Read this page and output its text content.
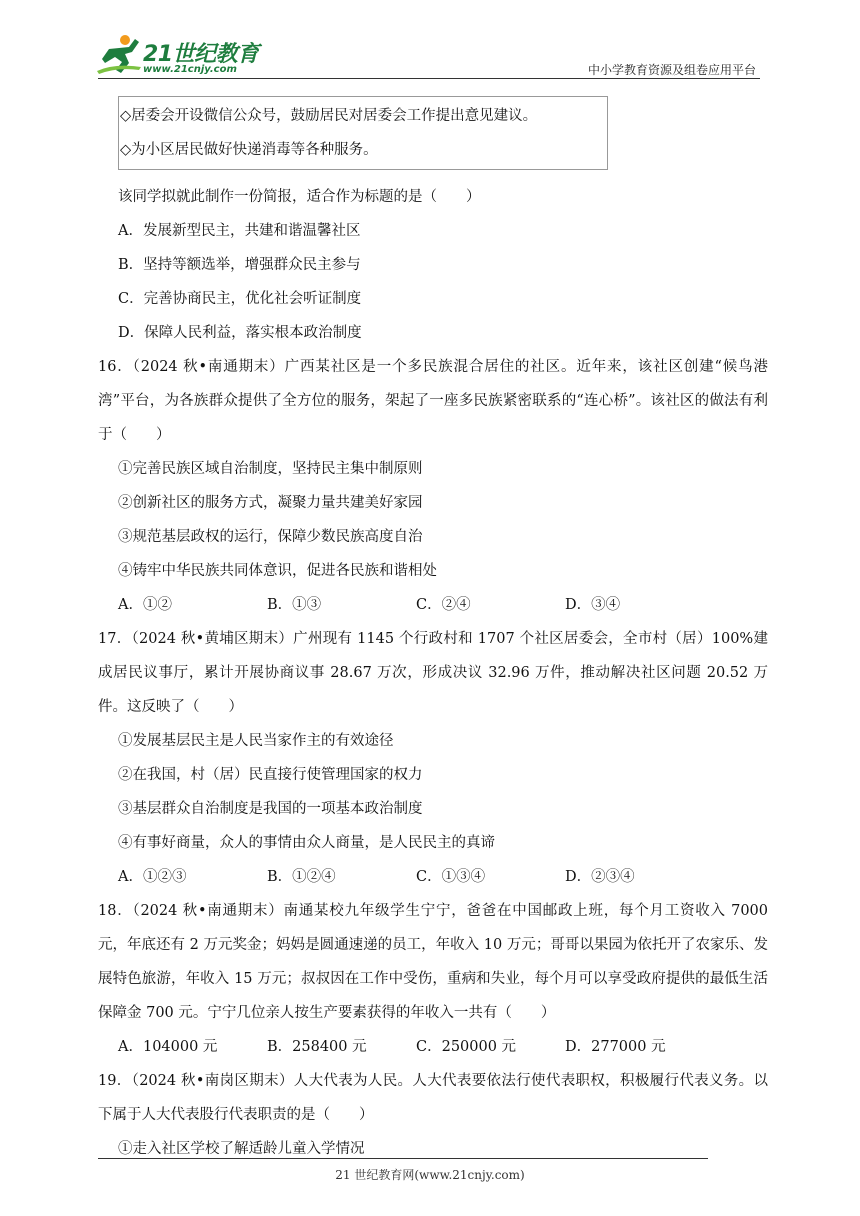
21世纪教育
www.21cnjy.com	中小学教育资源及组卷应用平台
◇居委会开设微信公众号，鼓励居民对居委会工作提出意见建议。
◇为小区居民做好快递消毒等各种服务。
该同学拟就此制作一份简报，适合作为标题的是（　　）
A．发展新型民主，共建和谐温馨社区
B．坚持等额选举，增强群众民主参与
C．完善协商民主，优化社会听证制度
D．保障人民利益，落实根本政治制度

16．（2024 秋•南通期末）广西某社区是一个多民族混合居住的社区。近年来，该社区创建“候鸟港湾”平台，为各族群众提供了全方位的服务，架起了一座多民族紧密联系的“连心桥”。该社区的做法有利于（　　）

①完善民族区域自治制度，坚持民主集中制原则
②创新社区的服务方式，凝聚力量共建美好家园
③规范基层政权的运行，保障少数民族高度自治
④铸牢中华民族共同体意识，促进各民族和谐相处
A．①②	B．①③	C．②④	D．③④

17．（2024 秋•黄埔区期末）广州现有 1145 个行政村和 1707 个社区居委会，全市村（居）100%建成居民议事厅，累计开展协商议事 28.67 万次，形成决议 32.96 万件，推动解决社区问题 20.52 万件。这反映了（　　）

①发展基层民主是人民当家作主的有效途径
②在我国，村（居）民直接行使管理国家的权力
③基层群众自治制度是我国的一项基本政治制度
④有事好商量，众人的事情由众人商量，是人民民主的真谛
A．①②③	B．①②④	C．①③④	D．②③④

18．（2024 秋•南通期末）南通某校九年级学生宁宁，爸爸在中国邮政上班，每个月工资收入 7000 元，年底还有 2 万元奖金；妈妈是圆通速递的员工，年收入 10 万元；哥哥以果园为依托开了农家乐、发展特色旅游，年收入 15 万元；叔叔因在工作中受伤，重病和失业，每个月可以享受政府提供的最低生活保障金 700 元。宁宁几位亲人按生产要素获得的年收入一共有（　　）

A．104000 元	B．258400 元	C．250000 元	D．277000 元

19．（2024 秋•南岗区期末）人大代表为人民。人大代表要依法行使代表职权，积极履行代表义务。以下属于人大代表股行代表职责的是（　　）

①走入社区学校了解适龄儿童入学情况
21 世纪教育网(www.21cnjy.com)
